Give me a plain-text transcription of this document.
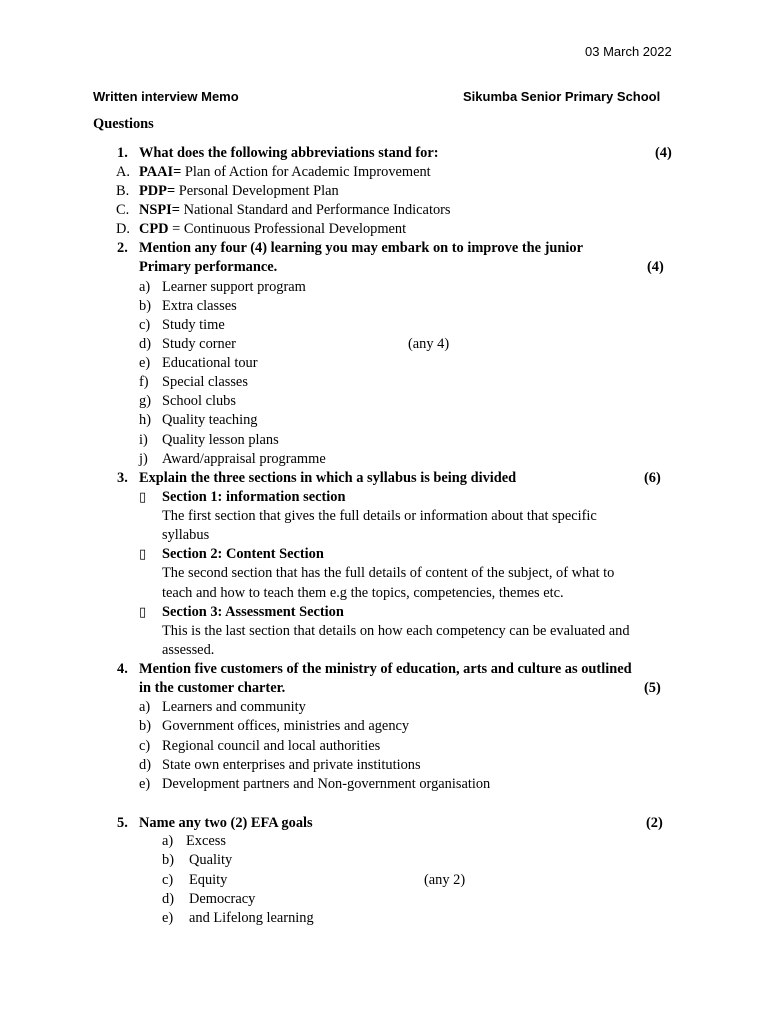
03 March 2022
Written interview Memo	Sikumba Senior Primary School
Questions
1. What does the following abbreviations stand for:	(4)
A. PAAI= Plan of Action for Academic Improvement
B. PDP= Personal Development Plan
C. NSPI= National Standard and Performance Indicators
D. CPD = Continuous Professional Development
2. Mention any four (4) learning you may embark on to improve the junior
Primary performance.	(4)
a) Learner support program
b) Extra classes
c) Study time
d) Study corner	(any 4)
e) Educational tour
f) Special classes
g) School clubs
h) Quality teaching
i) Quality lesson plans
j) Award/appraisal programme
3. Explain the three sections in which a syllabus is being divided	(6)
▯ Section 1: information section
The first section that gives the full details or information about that specific
syllabus
▯ Section 2: Content Section
The second section that has the full details of content of the subject, of what to
teach and how to teach them e.g the topics, competencies, themes etc.
▯ Section 3: Assessment Section
This is the last section that details on how each competency can be evaluated and
assessed.
4. Mention five customers of the ministry of education, arts and culture as outlined
in the customer charter.	(5)
a) Learners and community
b) Government offices, ministries and agency
c) Regional council and local authorities
d) State own enterprises and private institutions
e) Development partners and Non-government organisation
5. Name any two (2) EFA goals	(2)
a) Excess
b) Quality
c) Equity	(any 2)
d) Democracy
e) and Lifelong learning
